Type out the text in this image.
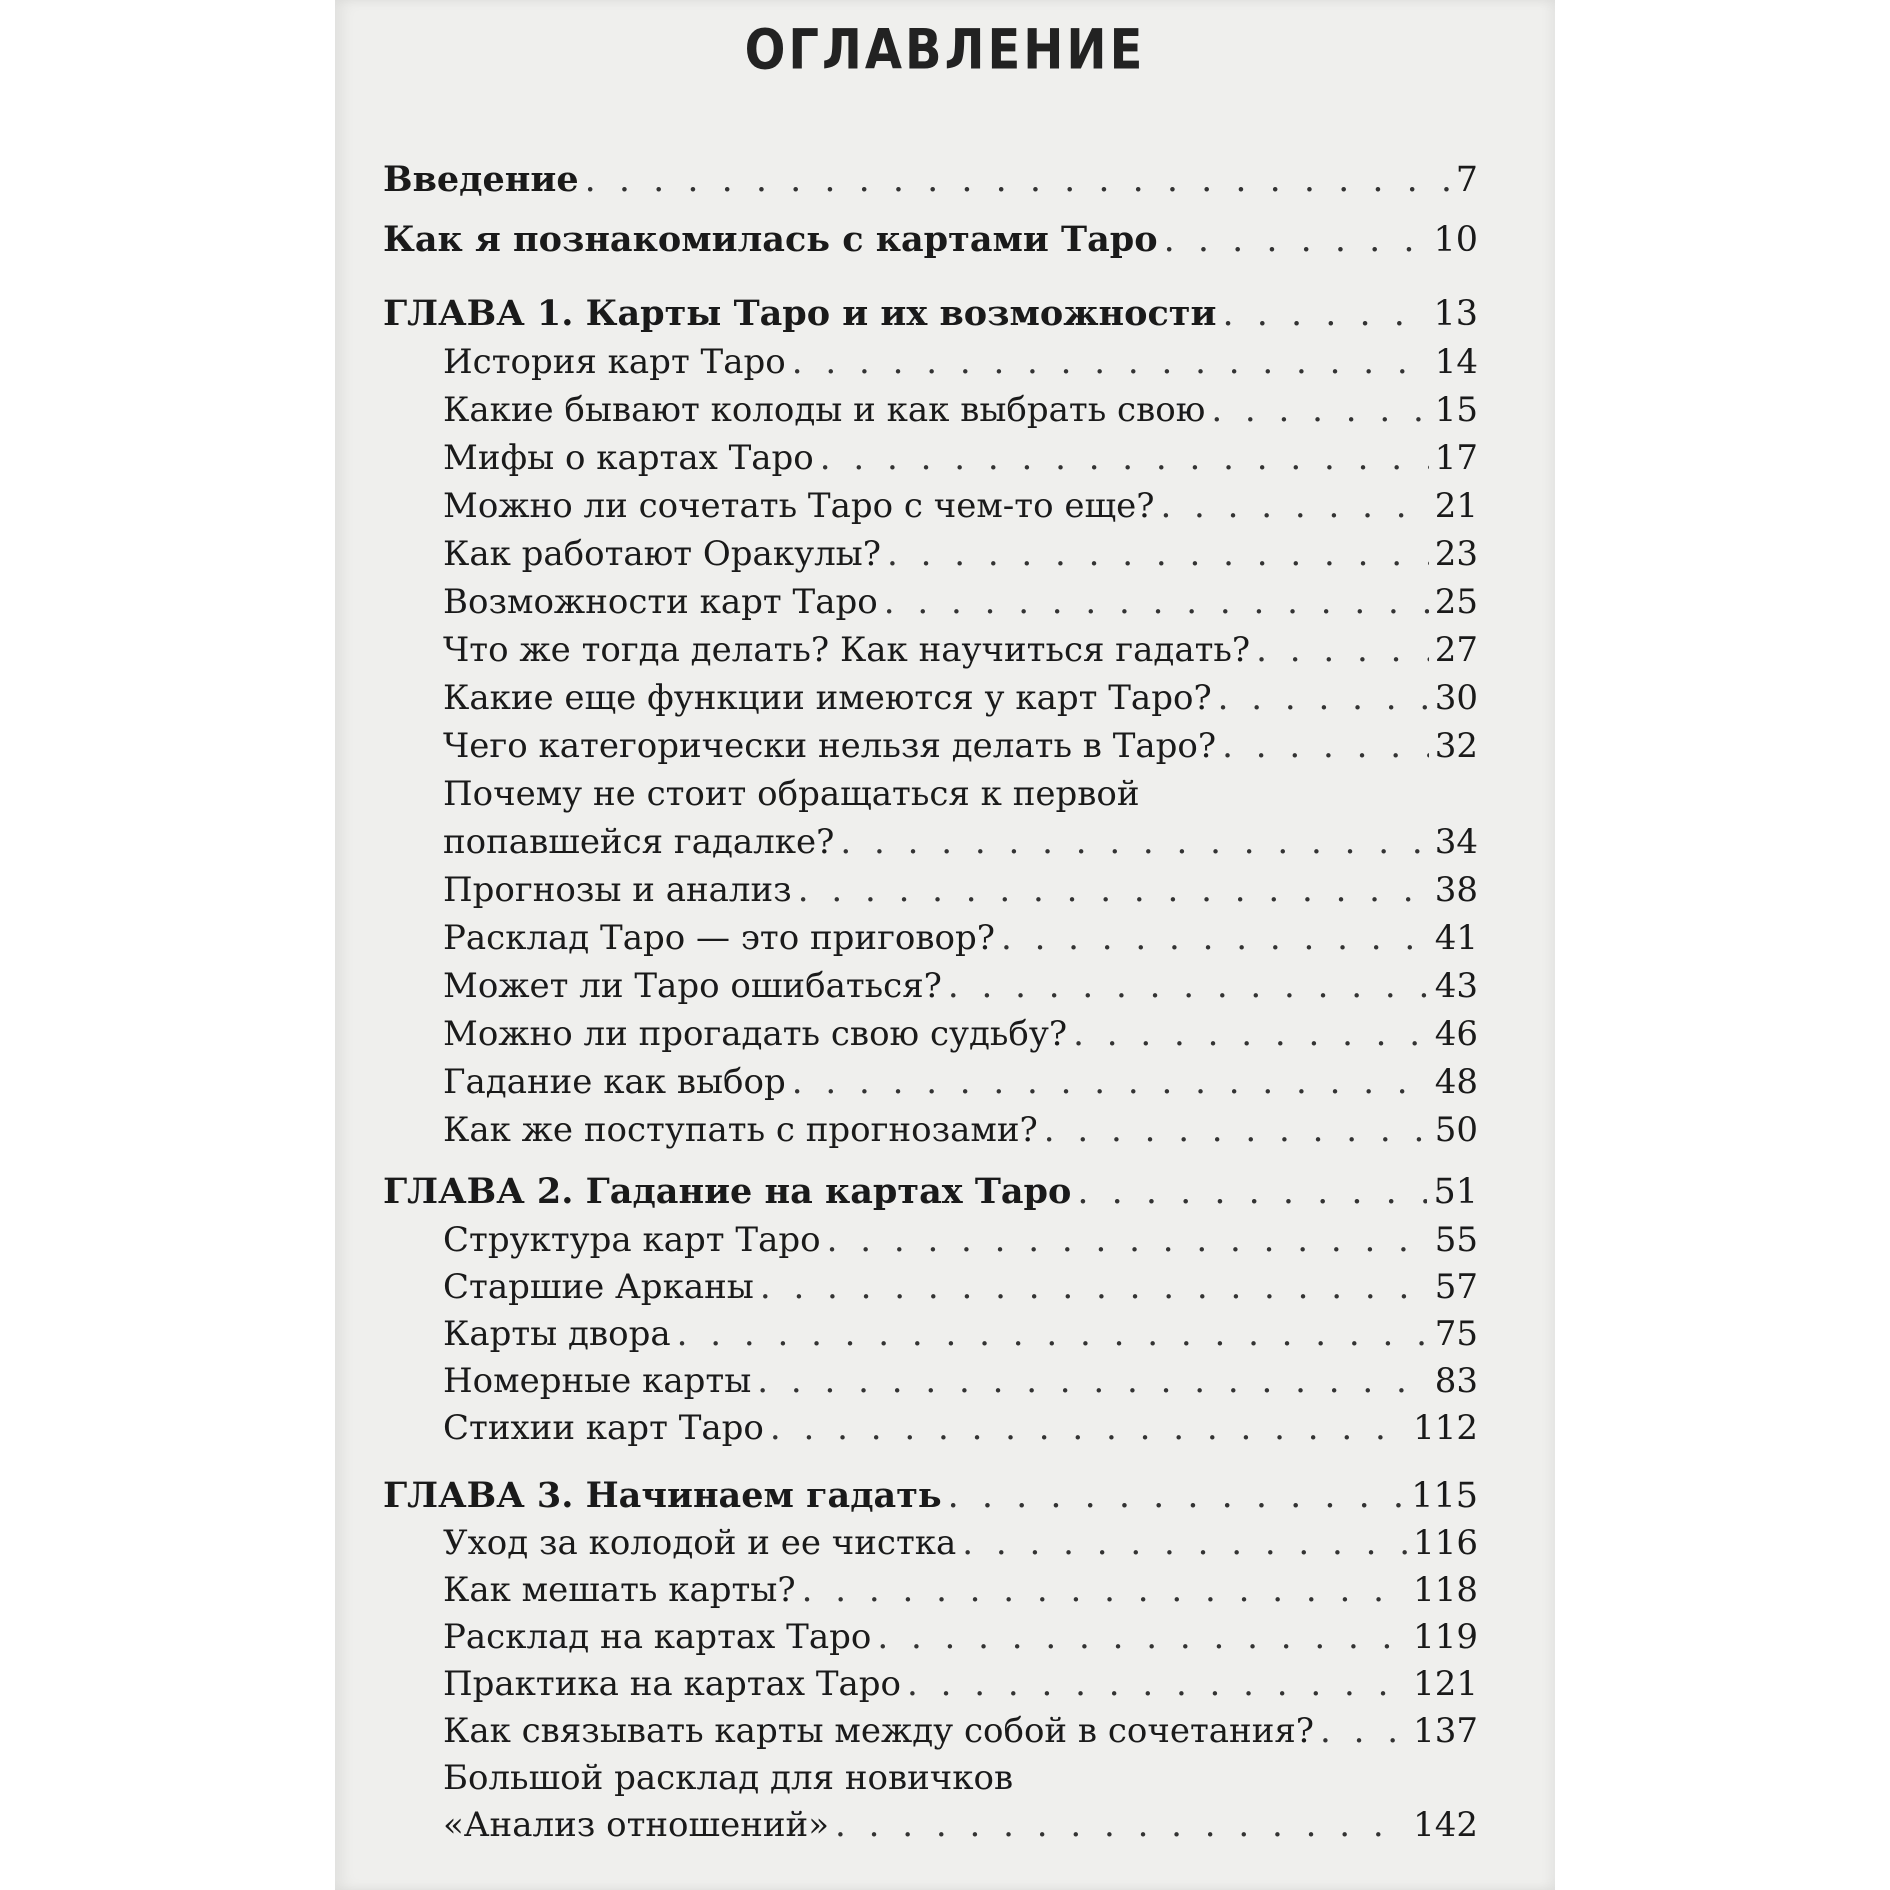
ОГЛАВЛЕНИЕ
Введение . . .	7
Как я познакомилась с картами Таро . . .	10
ГЛАВА 1. Карты Таро и их возможности . . .	13
История карт Таро . . .	14
Какие бывают колоды и как выбрать свою . . .	15
Мифы о картах Таро . . .	17
Можно ли сочетать Таро с чем-то еще? . . .	21
Как работают Оракулы? . . .	23
Возможности карт Таро . . .	25
Что же тогда делать? Как научиться гадать? . . .	27
Какие еще функции имеются у карт Таро? . . .	30
Чего категорически нельзя делать в Таро? . . .	32
Почему не стоит обращаться к первой
попавшейся гадалке? . . .	34
Прогнозы и анализ . . .	38
Расклад Таро — это приговор? . . .	41
Может ли Таро ошибаться? . . .	43
Можно ли прогадать свою судьбу? . . .	46
Гадание как выбор . . .	48
Как же поступать с прогнозами? . . .	50
ГЛАВА 2. Гадание на картах Таро . . .	51
Структура карт Таро . . .	55
Старшие Арканы . . .	57
Карты двора . . .	75
Номерные карты . . .	83
Стихии карт Таро . . .	112
ГЛАВА 3. Начинаем гадать . . .	115
Уход за колодой и ее чистка . . .	116
Как мешать карты? . . .	118
Расклад на картах Таро . . .	119
Практика на картах Таро . . .	121
Как связывать карты между собой в сочетания? . . .	137
Большой расклад для новичков
«Анализ отношений» . . .	142
